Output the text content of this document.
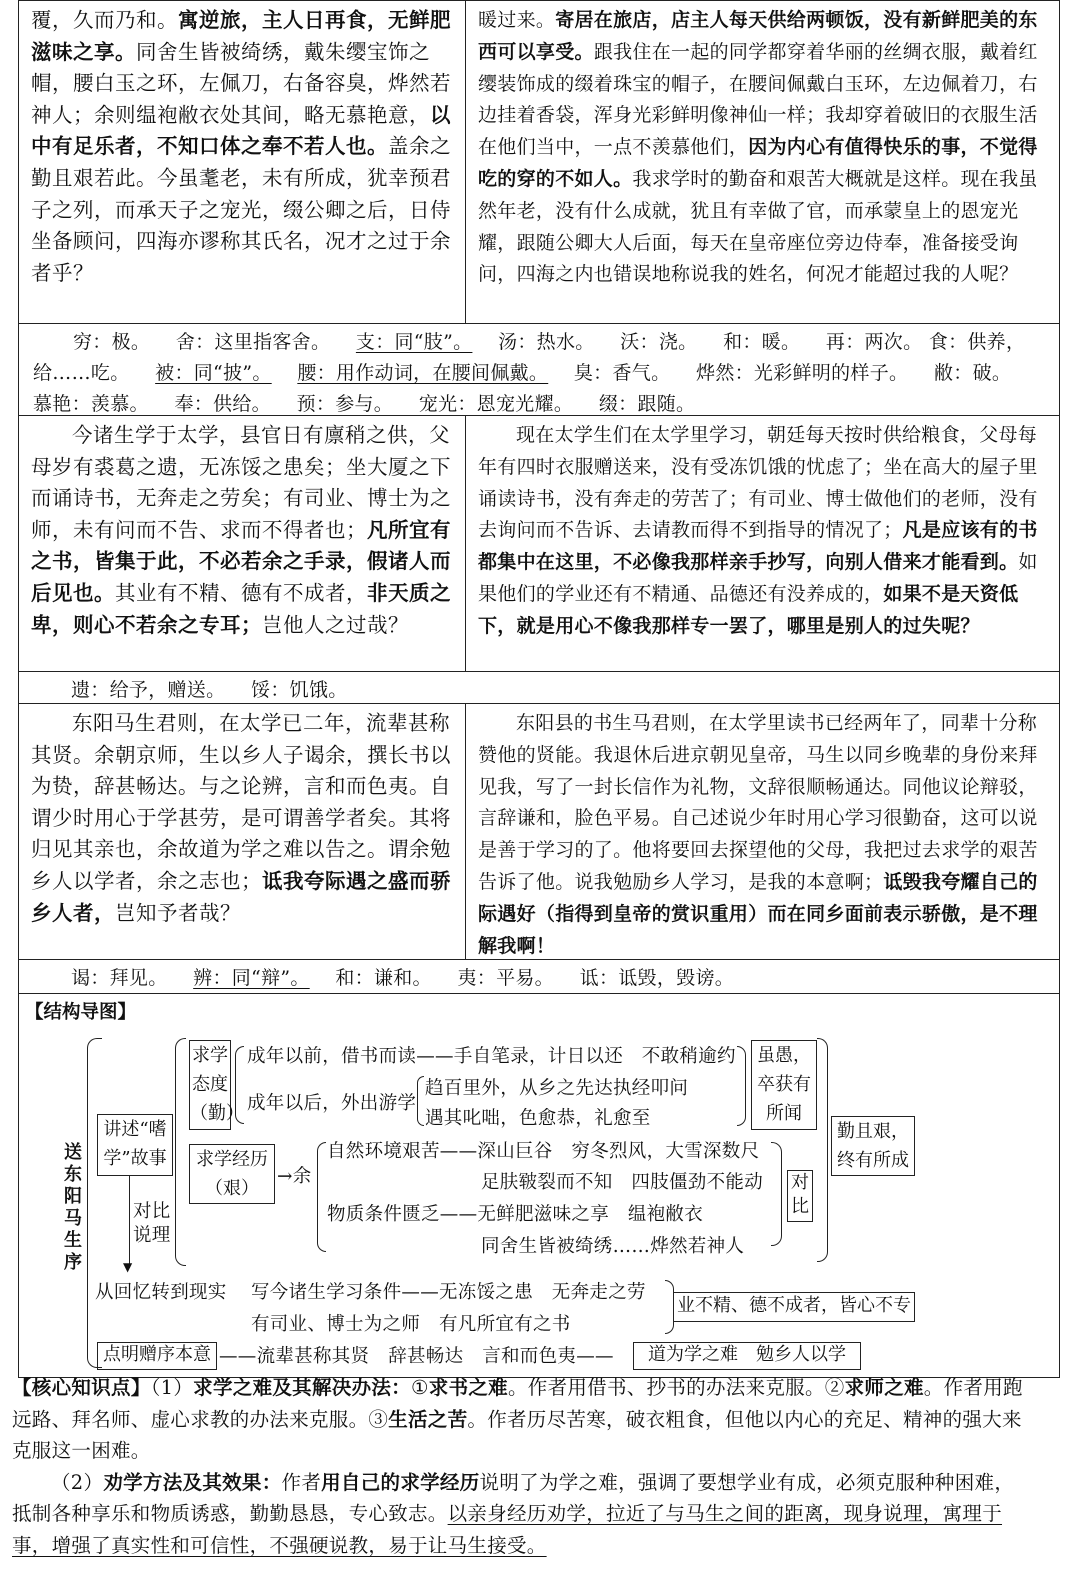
覆，久而乃和。寓逆旅，主人日再食，无鲜肥滋味之享。同舍生皆被绮绣，戴朱缨宝饰之帽，腰白玉之环，左佩刀，右备容臭，烨然若神人；余则缊袍敝衣处其间，略无慕艳意，以中有足乐者，不知口体之奉不若人也。盖余之勤且艰若此。今虽耄老，未有所成，犹幸预君子之列，而承天子之宠光，缀公卿之后，日侍坐备顾问，四海亦谬称其氏名，况才之过于余者乎？
暖过来。寄居在旅店，店主人每天供给两顿饭，没有新鲜肥美的东西可以享受。跟我住在一起的同学都穿着华丽的丝绸衣服，戴着红缨装饰成的缀着珠宝的帽子，在腰间佩戴白玉环，左边佩着刀，右边挂着香袋，浑身光彩鲜明像神仙一样；我却穿着破旧的衣服生活在他们当中，一点不羡慕他们，因为内心有值得快乐的事，不觉得吃的穿的不如人。我求学时的勤奋和艰苦大概就是这样。现在我虽然年老，没有什么成就，犹且有幸做了官，而承蒙皇上的恩宠光耀，跟随公卿大人后面，每天在皇帝座位旁边侍奉，准备接受询问，四海之内也错误地称说我的姓名，何况才能超过我的人呢？
穷：极。  舍：这里指客舍。  支：同“肢”。  汤：热水。  沃：浇。  和：暖。  再：两次。 食：供养，给……吃。  被：同“披”。  腰：用作动词，在腰间佩戴。  臭：香气。  烨然：光彩鲜明的样子。  敝：破。  慕艳：羡慕。  奉：供给。  预：参与。  宠光：恩宠光耀。  缀：跟随。
今诸生学于太学，县官日有廪稍之供，父母岁有裘葛之遗，无冻馁之患矣；坐大厦之下而诵诗书，无奔走之劳矣；有司业、博士为之师，未有问而不告、求而不得者也；凡所宜有之书，皆集于此，不必若余之手录，假诸人而后见也。其业有不精、德有不成者，非天质之卑，则心不若余之专耳；岂他人之过哉？
现在太学生们在太学里学习，朝廷每天按时供给粮食，父母每年有四时衣服赠送来，没有受冻饥饿的忧虑了；坐在高大的屋子里诵读诗书，没有奔走的劳苦了；有司业、博士做他们的老师，没有去询问而不告诉、去请教而得不到指导的情况了；凡是应该有的书都集中在这里，不必像我那样亲手抄写，向别人借来才能看到。如果他们的学业还有不精通、品德还有没养成的，如果不是天资低下，就是用心不像我那样专一罢了，哪里是别人的过失呢？
遗：给予，赠送。  馁：饥饿。
东阳马生君则，在太学已二年，流辈甚称其贤。余朝京师，生以乡人子谒余，撰长书以为贽，辞甚畅达。与之论辨，言和而色夷。自谓少时用心于学甚劳，是可谓善学者矣。其将归见其亲也，余故道为学之难以告之。谓余勉乡人以学者，余之志也；诋我夸际遇之盛而骄乡人者，岂知予者哉？
东阳县的书生马君则，在太学里读书已经两年了，同辈十分称赞他的贤能。我退休后进京朝见皇帝，马生以同乡晚辈的身份来拜见我，写了一封长信作为礼物，文辞很顺畅通达。同他议论辩驳，言辞谦和，脸色平易。自己述说少年时用心学习很勤奋，这可以说是善于学习的了。他将要回去探望他的父母，我把过去求学的艰苦告诉了他。说我勉励乡人学习，是我的本意啊；诋毁我夸耀自己的际遇好（指得到皇帝的赏识重用）而在同乡面前表示骄傲，是不理解我啊！
谒：拜见。  辨：同“辩”。  和：谦和。  夷：平易。  诋：诋毁，毁谤。
【结构导图】
送东阳马生序
讲述“嗜学”故事
求学态度（勤）
成年以前，借书而读——手自笔录，计日以还　不敢稍逾约
成年以后，外出游学
趋百里外，从乡之先达执经叩问
遇其叱咄，色愈恭，礼愈至
虽愚，卒获有所闻
求学经历（艰）
→余
自然环境艰苦——深山巨谷　穷冬烈风，大雪深数尺
足肤皲裂而不知　四肢僵劲不能动
物质条件匮乏——无鲜肥滋味之享　缊袍敝衣
同舍生皆被绮绣……烨然若神人
对比
勤且艰，终有所成
▼
对比说理
从回忆转到现实 写今诸生学习条件——无冻馁之患　无奔走之劳
有司业、博士为之师　有凡所宜有之书
业不精、德不成者，皆心不专
点明赠序本意 ——流辈甚称其贤　辞甚畅达　言和而色夷——	道为学之难　勉乡人以学
【核心知识点】（1）求学之难及其解决办法：①求书之难。作者用借书、抄书的办法来克服。②求师之难。作者用跑远路、拜名师、虚心求教的办法来克服。③生活之苦。作者历尽苦寒，破衣粗食，但他以内心的充足、精神的强大来克服这一困难。
（2）劝学方法及其效果：作者用自己的求学经历说明了为学之难，强调了要想学业有成，必须克服种种困难，抵制各种享乐和物质诱惑，勤勤恳恳，专心致志。以亲身经历劝学，拉近了与马生之间的距离，现身说理，寓理于事，增强了真实性和可信性，不强硬说教，易于让马生接受。
